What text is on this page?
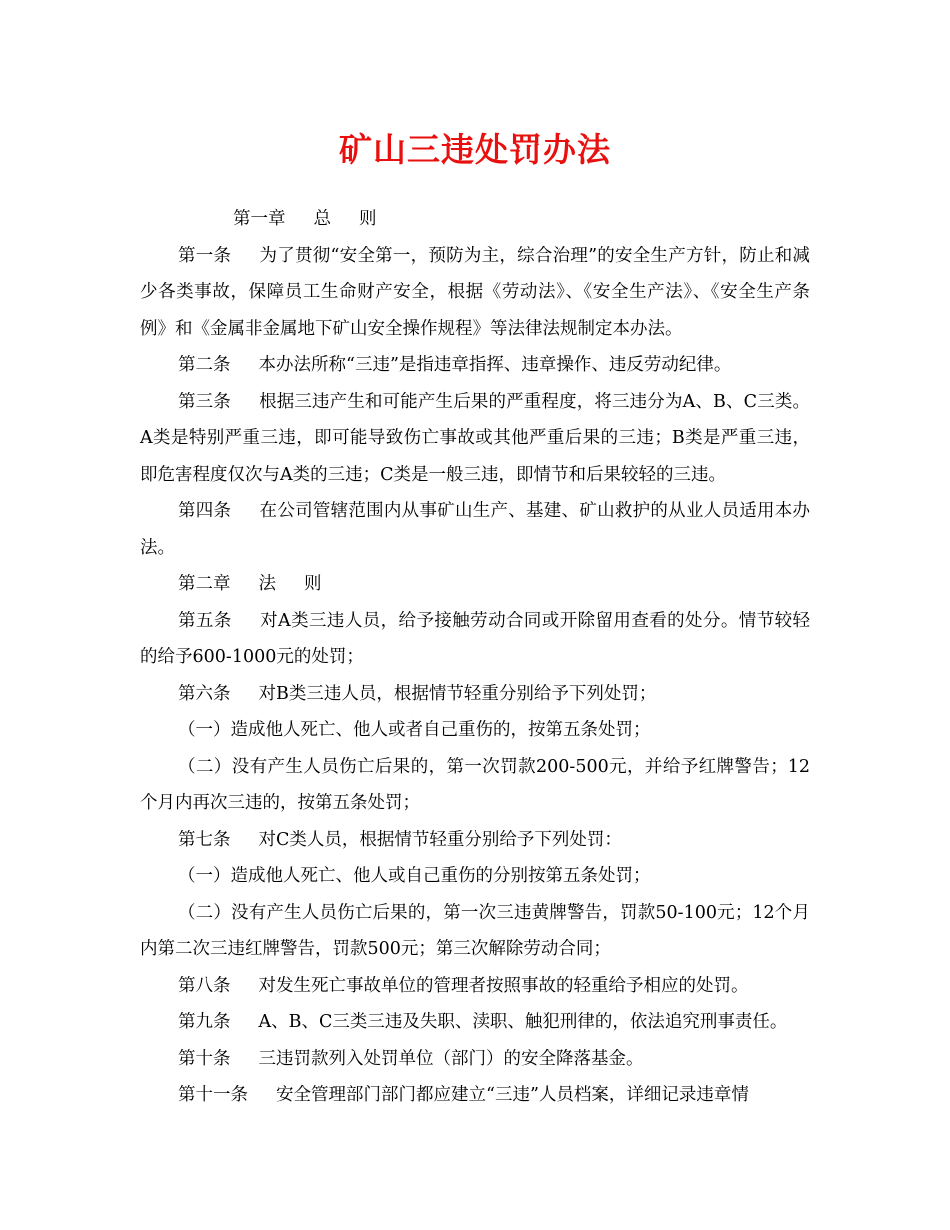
矿山三违处罚办法

第一章 总 则

第一条 为了贯彻“安全第一，预防为主，综合治理”的安全生产方针，防止和减少各类事故，保障员工生命财产安全，根据《劳动法》、《安全生产法》、《安全生产条例》和《金属非金属地下矿山安全操作规程》等法律法规制定本办法。

第二条 本办法所称“三违”是指违章指挥、违章操作、违反劳动纪律。

第三条 根据三违产生和可能产生后果的严重程度，将三违分为A、B、C三类。A类是特别严重三违，即可能导致伤亡事故或其他严重后果的三违；B类是严重三违，即危害程度仅次与A类的三违；C类是一般三违，即情节和后果较轻的三违。

第四条 在公司管辖范围内从事矿山生产、基建、矿山救护的从业人员适用本办法。

第二章 法 则

第五条 对A类三违人员，给予接触劳动合同或开除留用查看的处分。情节较轻的给予600-1000元的处罚；

第六条 对B类三违人员，根据情节轻重分别给予下列处罚；

（一）造成他人死亡、他人或者自己重伤的，按第五条处罚；

（二）没有产生人员伤亡后果的，第一次罚款200-500元，并给予红牌警告；12个月内再次三违的，按第五条处罚；

第七条 对C类人员，根据情节轻重分别给予下列处罚：

（一）造成他人死亡、他人或自己重伤的分别按第五条处罚；

（二）没有产生人员伤亡后果的，第一次三违黄牌警告，罚款50-100元；12个月内第二次三违红牌警告，罚款500元；第三次解除劳动合同；

第八条 对发生死亡事故单位的管理者按照事故的轻重给予相应的处罚。

第九条 A、B、C三类三违及失职、渎职、触犯刑律的，依法追究刑事责任。

第十条 三违罚款列入处罚单位（部门）的安全降落基金。

第十一条 安全管理部门部门都应建立“三违”人员档案，详细记录违章情
